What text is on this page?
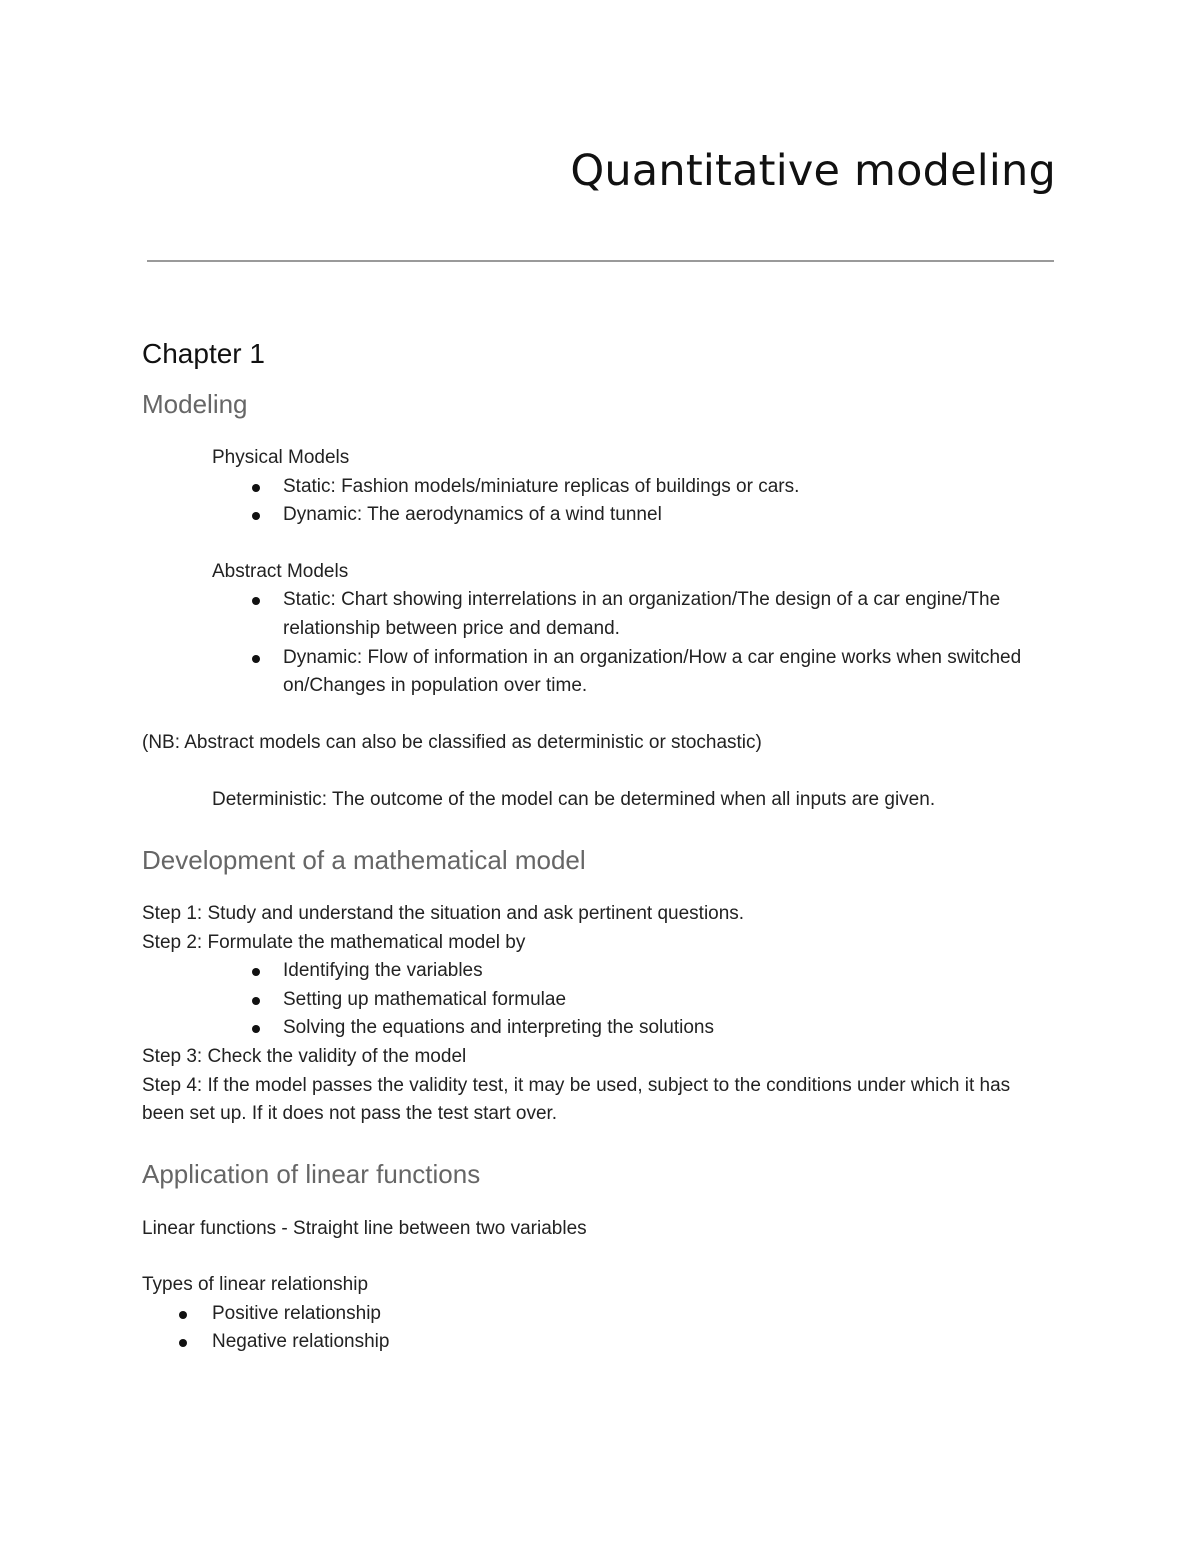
Quantitative modeling
Chapter 1
Modeling

Physical Models

Static: Fashion models/miniature replicas of buildings or cars.
Dynamic: The aerodynamics of a wind tunnel

Abstract Models

Static: Chart showing interrelations in an organization/The design of a car engine/The relationship between price and demand.
Dynamic: Flow of information in an organization/How a car engine works when switched on/Changes in population over time.

(NB: Abstract models can also be classified as deterministic or stochastic)

Deterministic: The outcome of the model can be determined when all inputs are given.

Development of a mathematical model

Step 1: Study and understand the situation and ask pertinent questions.

Step 2: Formulate the mathematical model by

Identifying the variables
Setting up mathematical formulae
Solving the equations and interpreting the solutions

Step 3: Check the validity of the model

Step 4: If the model passes the validity test, it may be used, subject to the conditions under which it has been set up. If it does not pass the test start over.

Application of linear functions

Linear functions - Straight line between two variables

Types of linear relationship

Positive relationship
Negative relationship
